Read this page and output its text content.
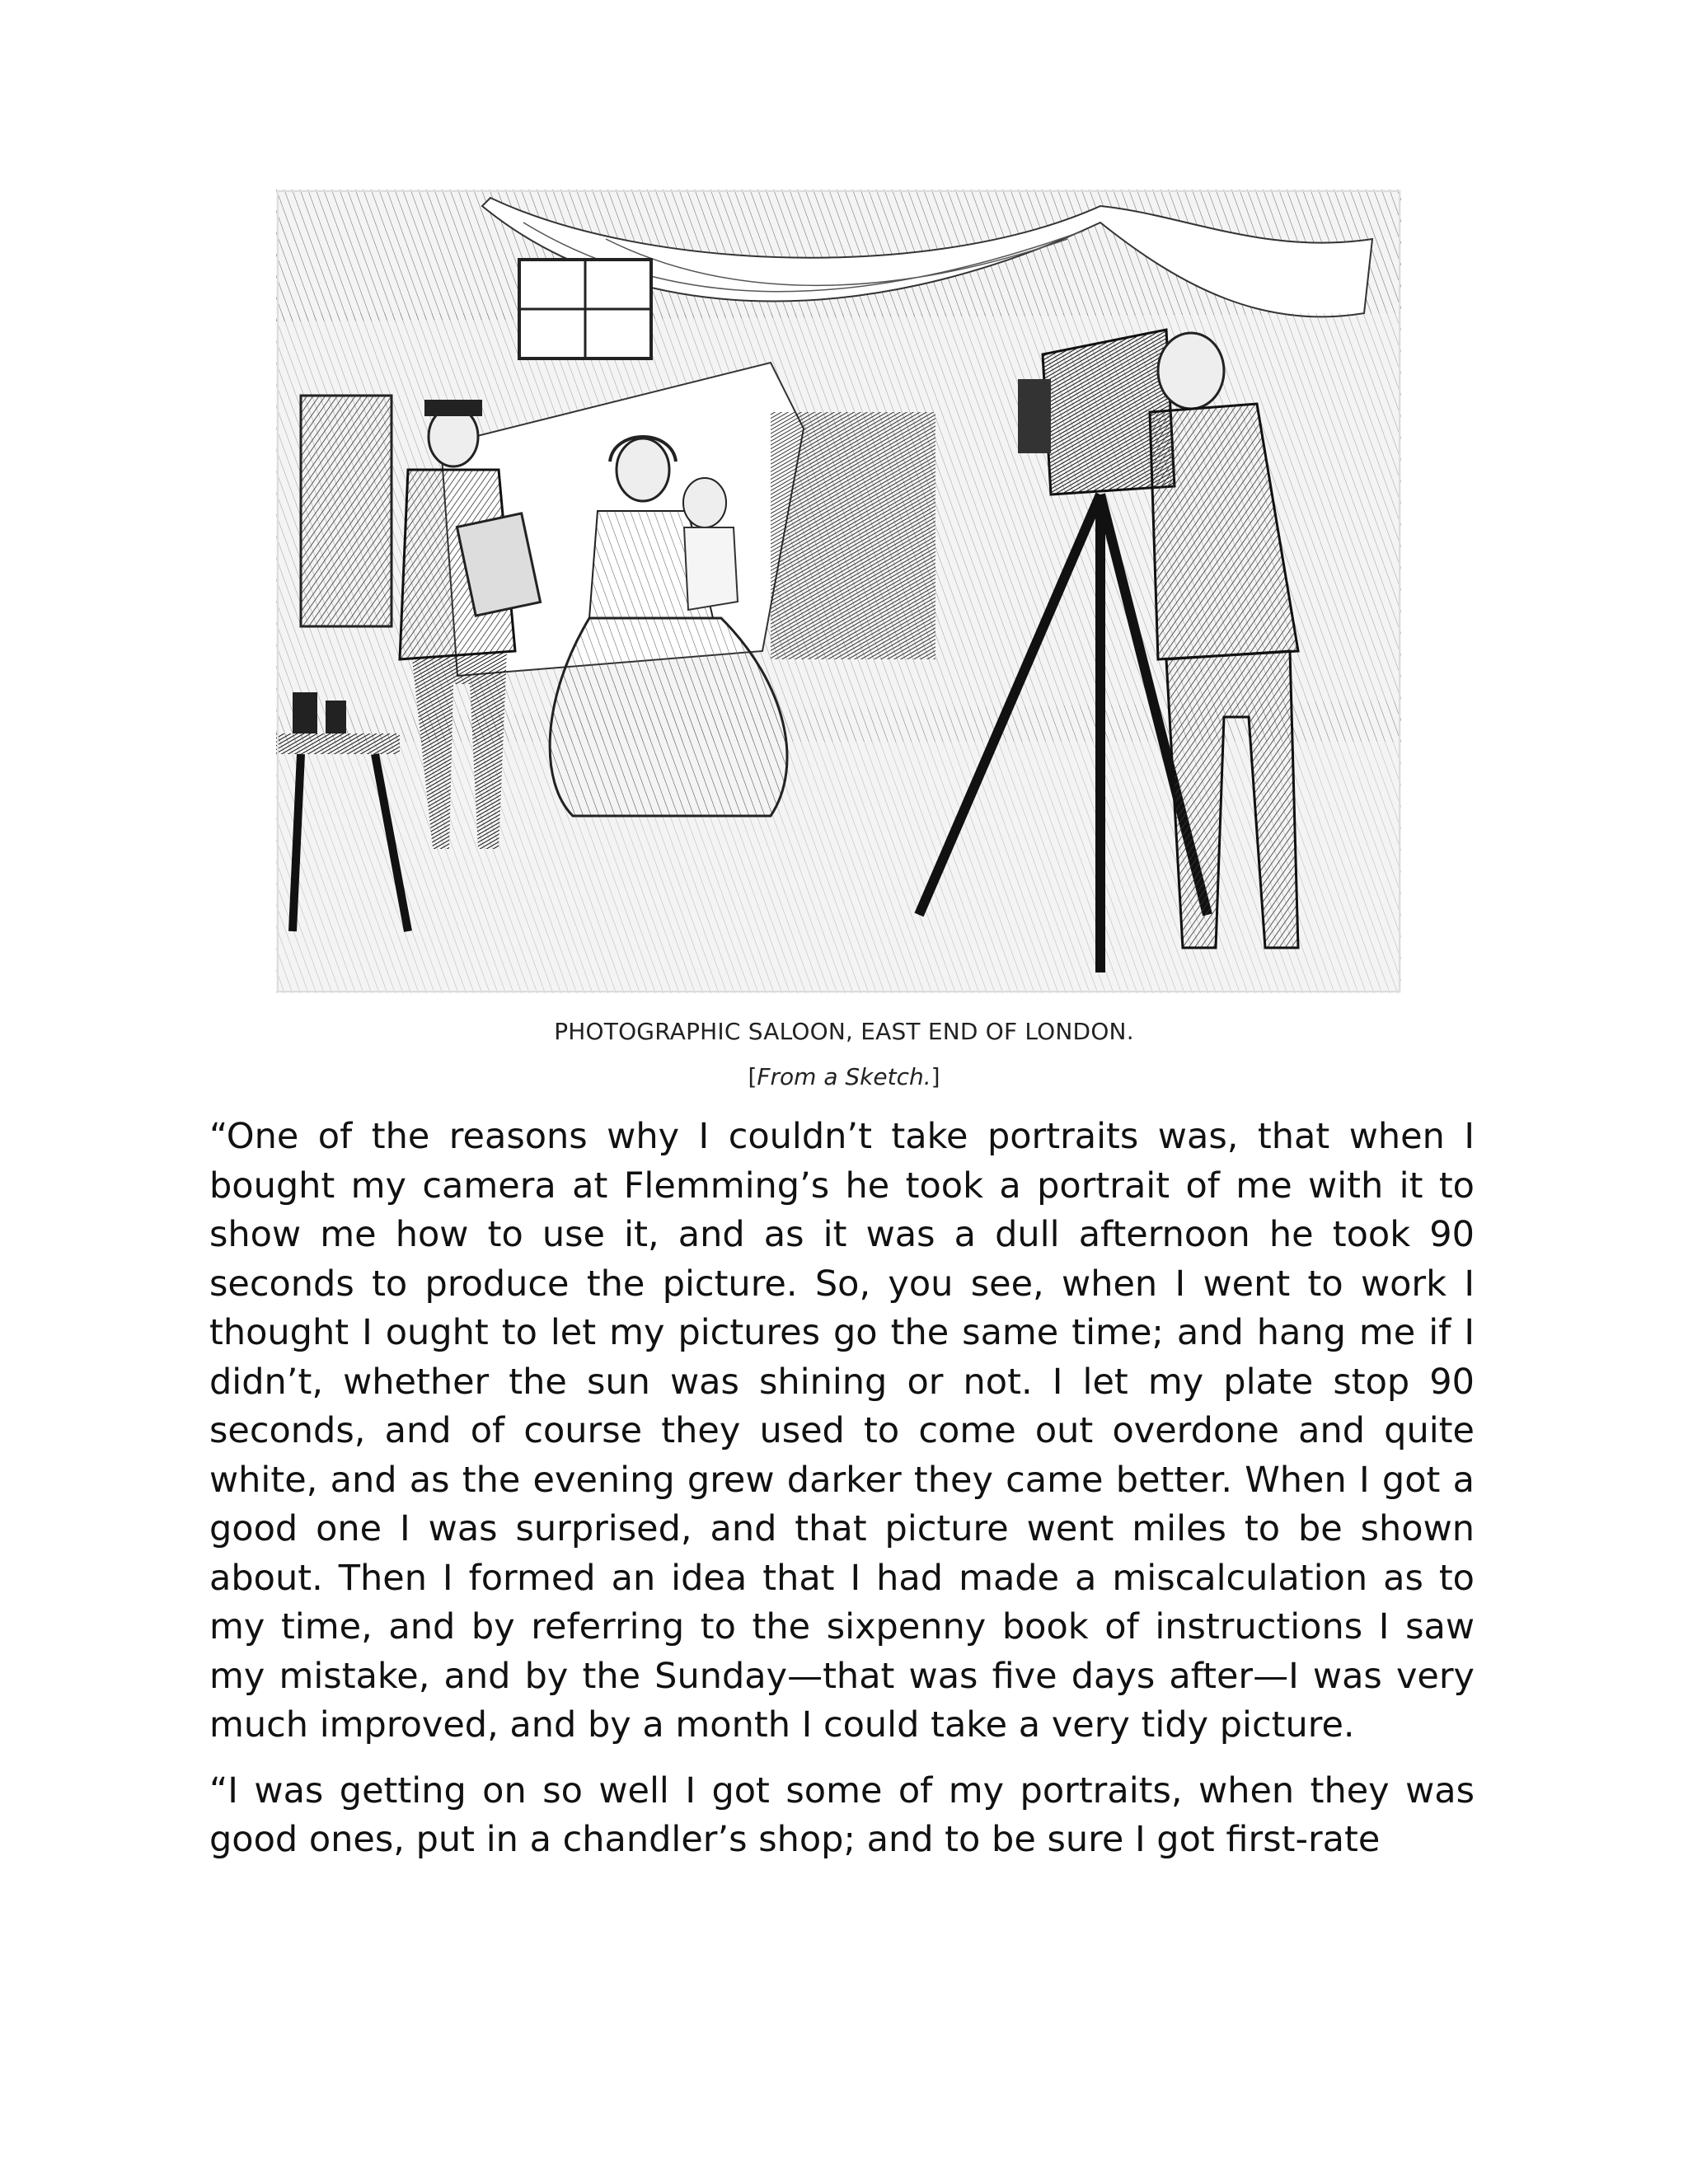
PHOTOGRAPHIC SALOON, EAST END OF LONDON.
[From a Sketch.]

“One of the reasons why I couldn’t take portraits was, that when I bought my camera at Flemming’s he took a portrait of me with it to show me how to use it, and as it was a dull afternoon he took 90 seconds to produce the picture. So, you see, when I went to work I thought I ought to let my pictures go the same time; and hang me if I didn’t, whether the sun was shining or not. I let my plate stop 90 seconds, and of course they used to come out overdone and quite white, and as the evening grew darker they came better. When I got a good one I was surprised, and that picture went miles to be shown about. Then I formed an idea that I had made a miscalculation as to my time, and by referring to the sixpenny book of instructions I saw my mistake, and by the Sunday—that was five days after—I was very much improved, and by a month I could take a very tidy picture.

“I was getting on so well I got some of my portraits, when they was good ones, put in a chandler’s shop; and to be sure I got first-rate
